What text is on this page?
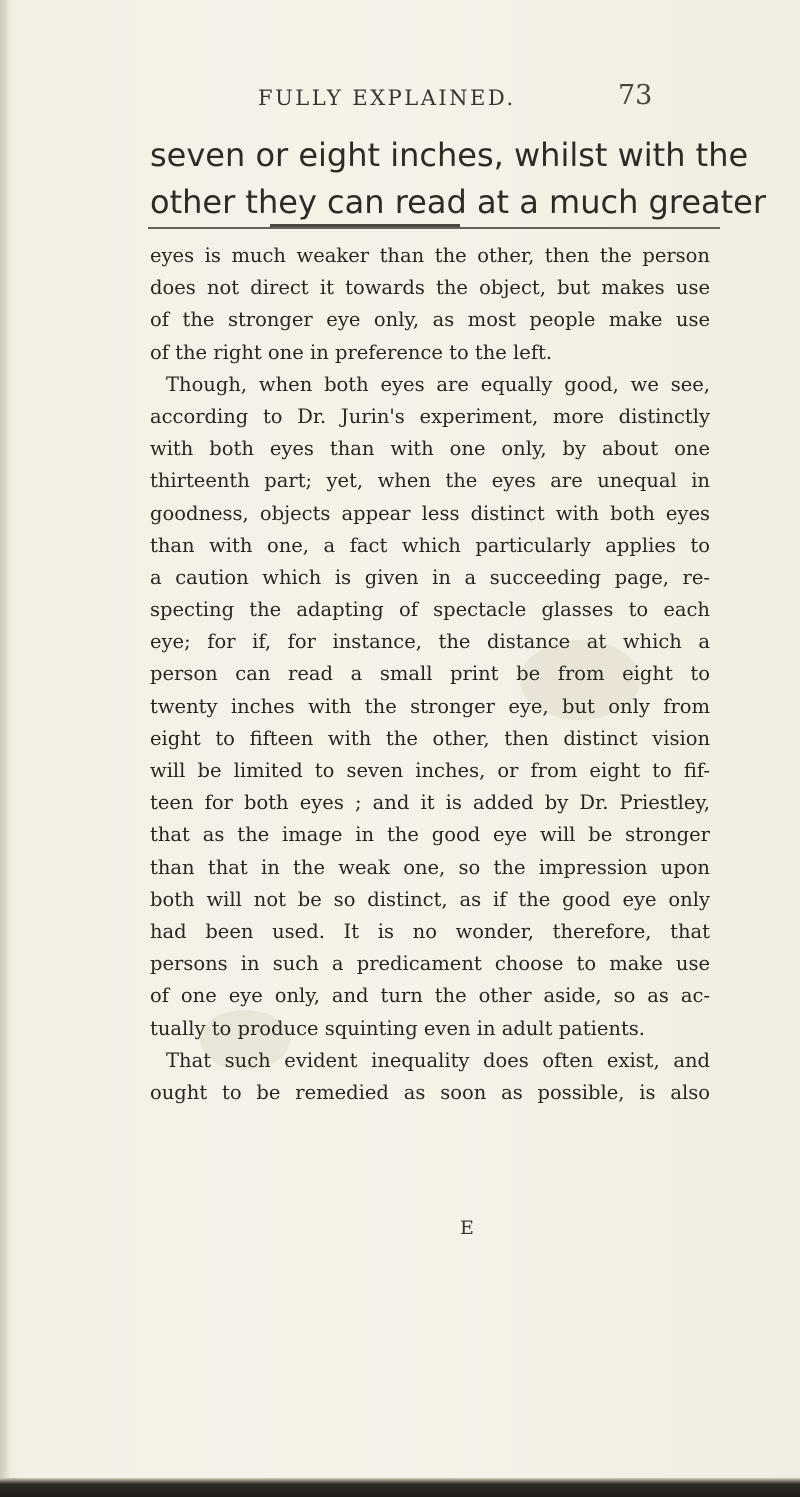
FULLY EXPLAINED.	73
seven or eight inches, whilst with the
other they can read at a much greater
eyes is much weaker than the other, then the person
does not direct it towards the object, but makes use
of the stronger eye only, as most people make use
of the right one in preference to the left.
Though, when both eyes are equally good, we see,
according to Dr. Jurin's experiment, more distinctly
with both eyes than with one only, by about one
thirteenth part; yet, when the eyes are unequal in
goodness, objects appear less distinct with both eyes
than with one, a fact which particularly applies to
a caution which is given in a succeeding page, re-
specting the adapting of spectacle glasses to each
eye; for if, for instance, the distance at which a
person can read a small print be from eight to
twenty inches with the stronger eye, but only from
eight to fifteen with the other, then distinct vision
will be limited to seven inches, or from eight to fif-
teen for both eyes ; and it is added by Dr. Priestley,
that as the image in the good eye will be stronger
than that in the weak one, so the impression upon
both will not be so distinct, as if the good eye only
had been used. It is no wonder, therefore, that
persons in such a predicament choose to make use
of one eye only, and turn the other aside, so as ac-
tually to produce squinting even in adult patients.
That such evident inequality does often exist, and
ought to be remedied as soon as possible, is also
E
